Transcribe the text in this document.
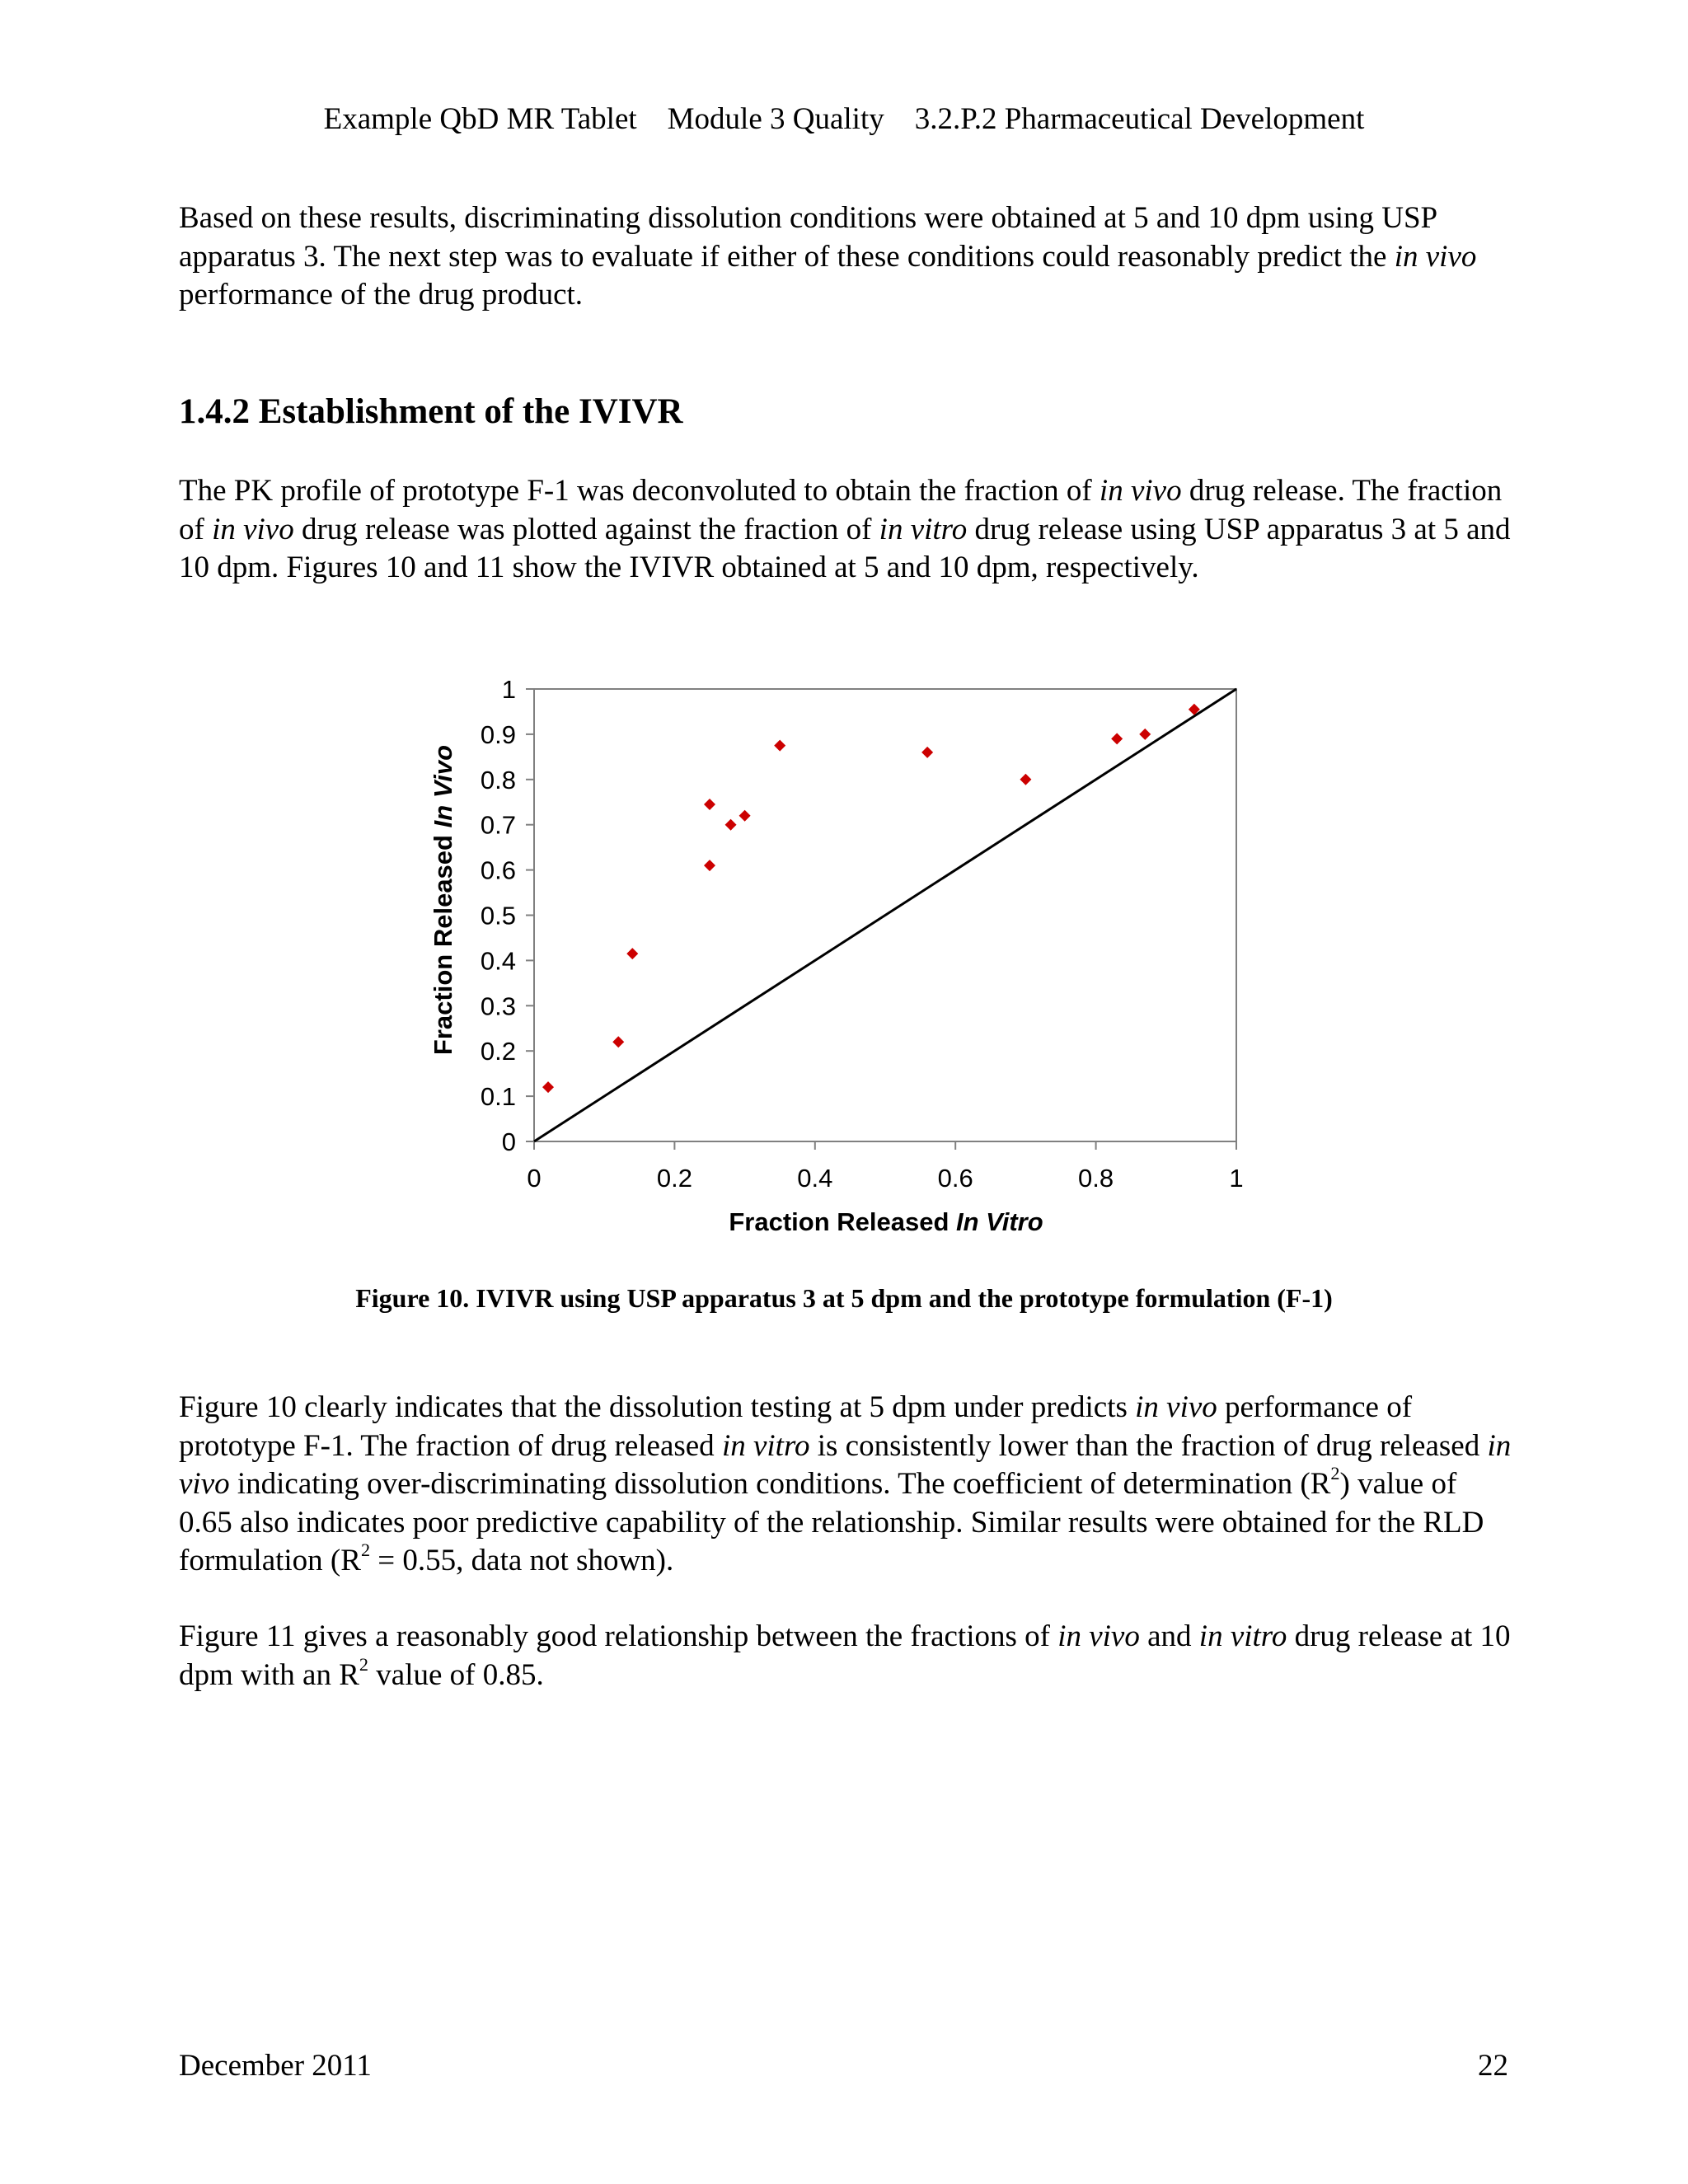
Example QbD MR Tablet Module 3 Quality 3.2.P.2 Pharmaceutical Development

Based on these results, discriminating dissolution conditions were obtained at 5 and 10 dpm using USP apparatus 3. The next step was to evaluate if either of these conditions could reasonably predict the in vivo performance of the drug product.

1.4.2 Establishment of the IVIVR

The PK profile of prototype F-1 was deconvoluted to obtain the fraction of in vivo drug release. The fraction of in vivo drug release was plotted against the fraction of in vitro drug release using USP apparatus 3 at 5 and 10 dpm. Figures 10 and 11 show the IVIVR obtained at 5 and 10 dpm, respectively.

0
0.1
0.2
0.3
0.4
0.5
0.6
0.7
0.8
0.9
1
0	0.2	0.4	0.6	0.8	1
Fraction Released In Vitro
Fraction Released In Vivo
Figure 10. IVIVR using USP apparatus 3 at 5 dpm and the prototype formulation (F-1)

Figure 10 clearly indicates that the dissolution testing at 5 dpm under predicts in vivo performance of prototype F-1. The fraction of drug released in vitro is consistently lower than the fraction of drug released in vivo indicating over-discriminating dissolution conditions. The coefficient of determination $(R^2)$ value of 0.65 also indicates poor predictive capability of the relationship. Similar results were obtained for the RLD formulation ($R^2 = 0.55$, data not shown).

Figure 11 gives a reasonably good relationship between the fractions of in vivo and in vitro drug release at 10 dpm with an $R^2$ value of 0.85.

December 2011	22
